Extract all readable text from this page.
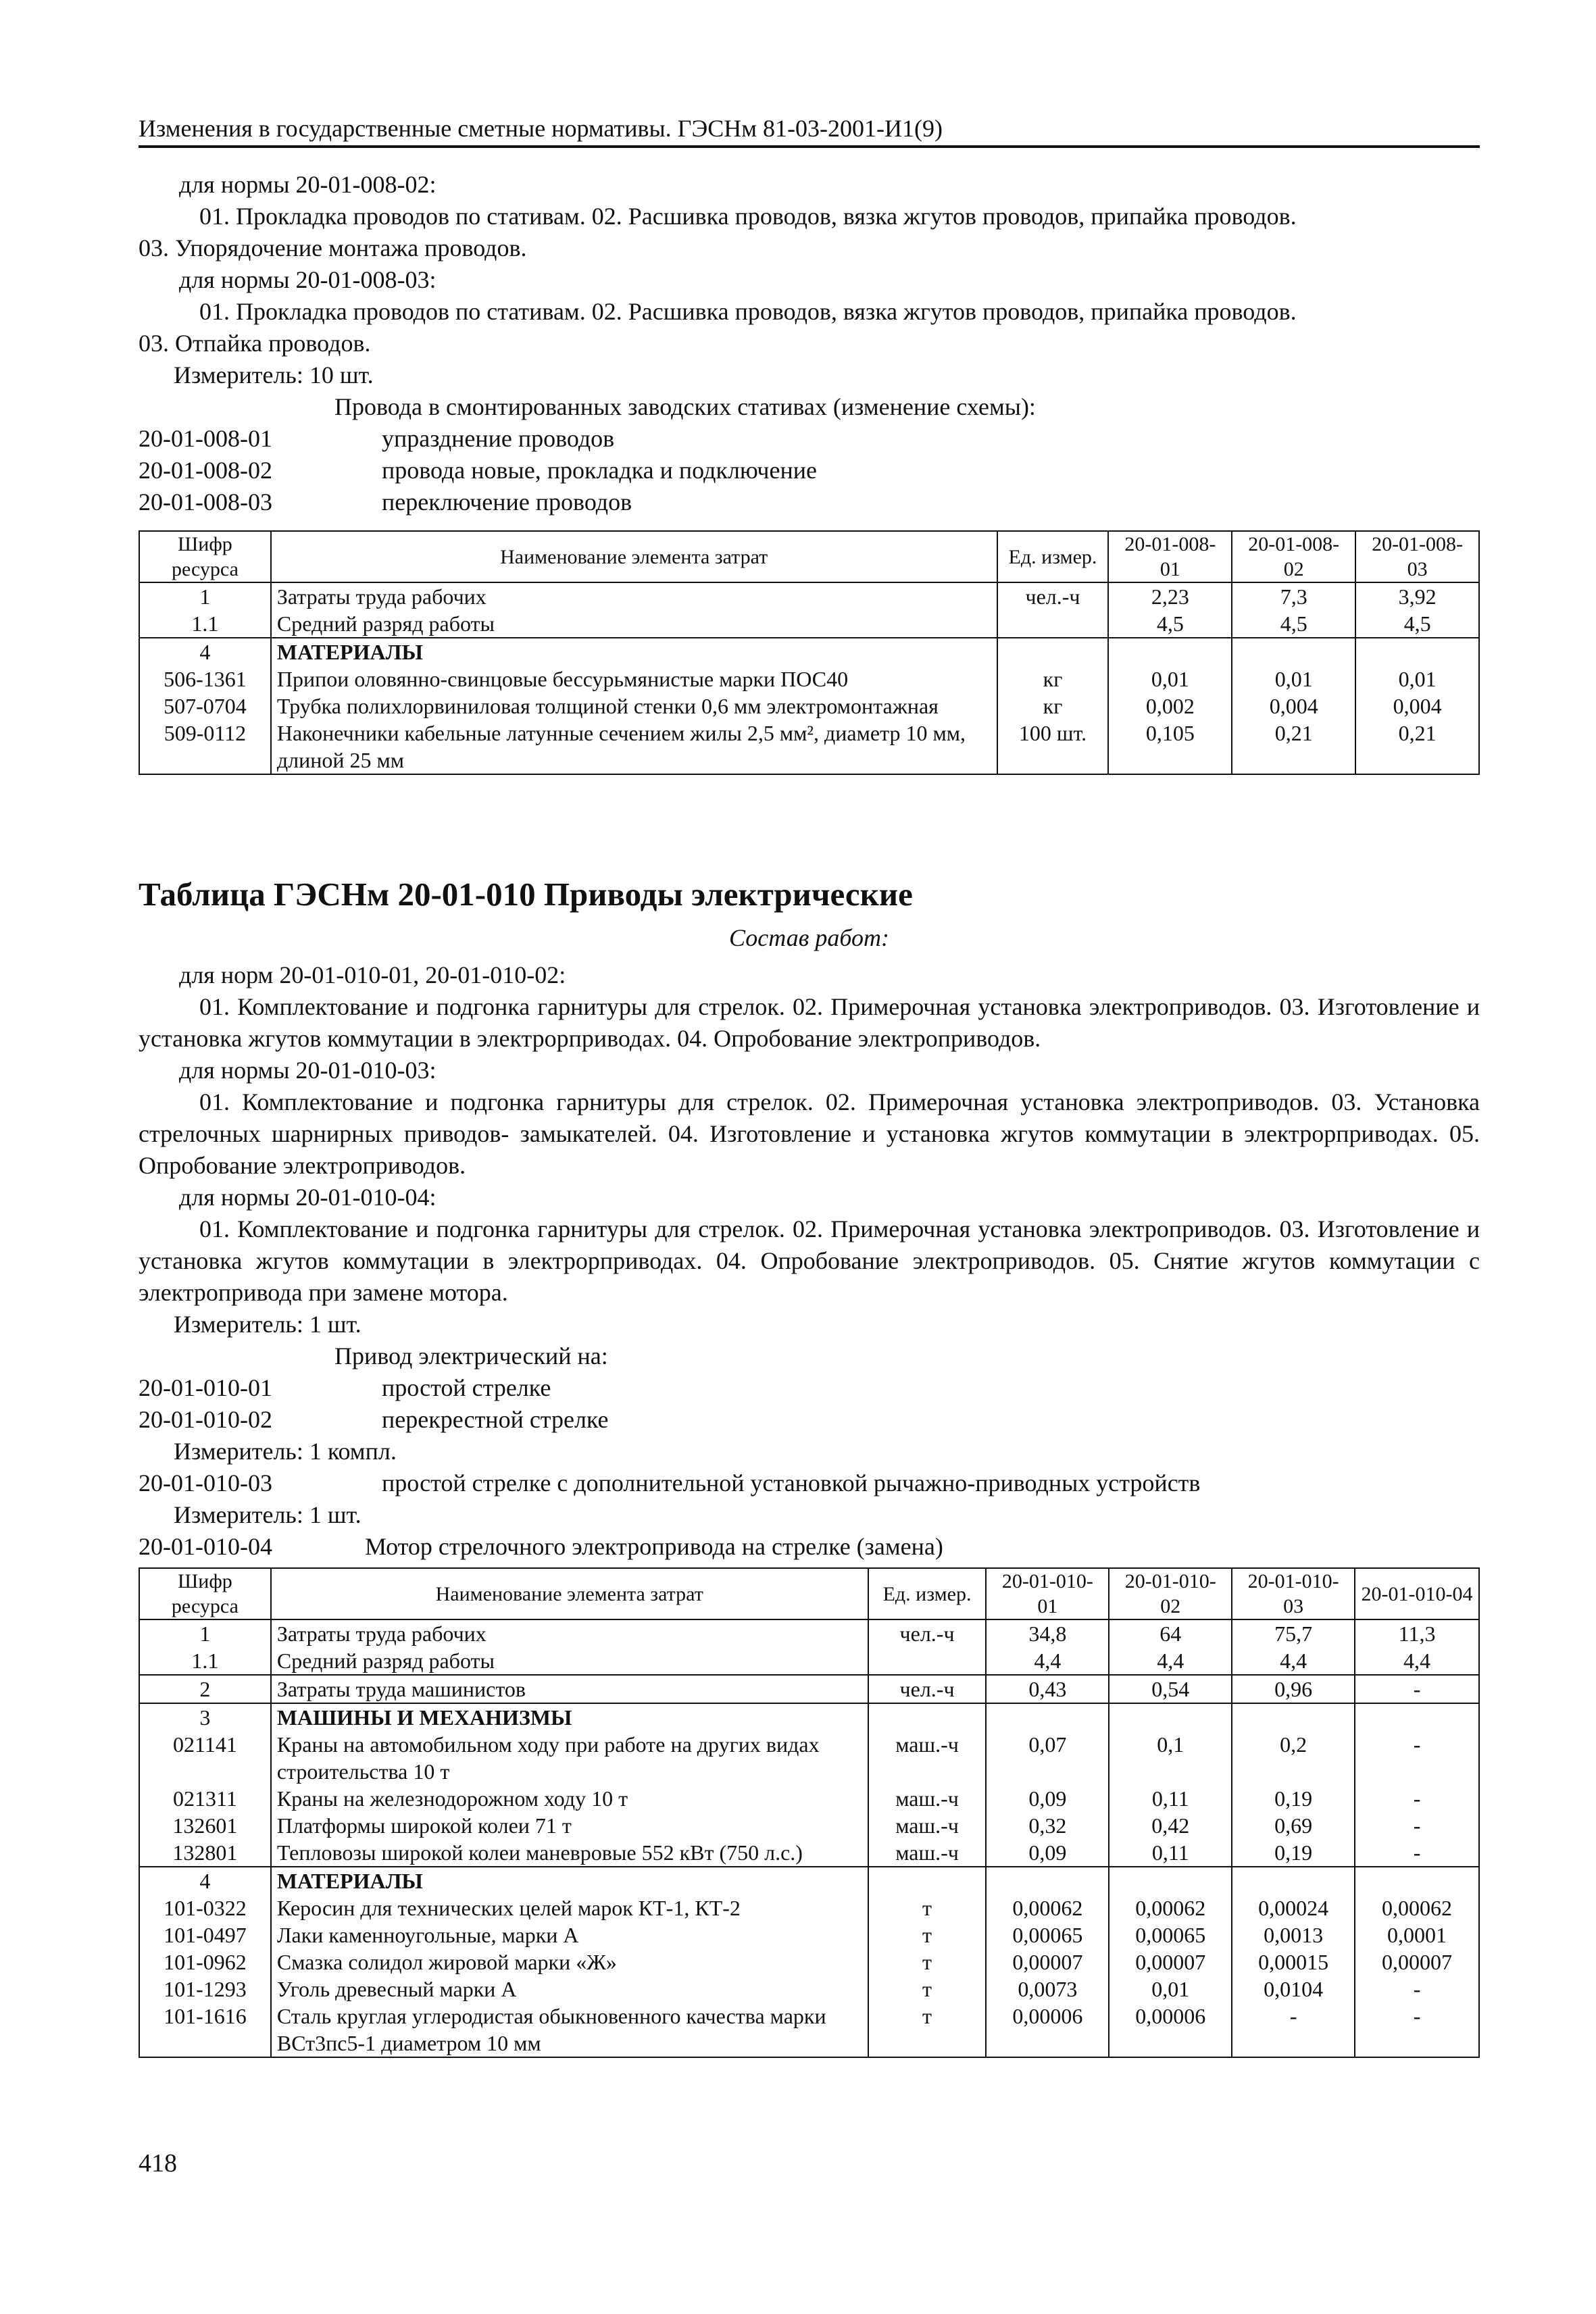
Изменения в государственные сметные нормативы. ГЭСНм 81-03-2001-И1(9)
для нормы 20-01-008-02:
01. Прокладка проводов по стативам. 02. Расшивка проводов, вязка жгутов проводов, припайка проводов.
03. Упорядочение монтажа проводов.
для нормы 20-01-008-03:
01. Прокладка проводов по стативам. 02. Расшивка проводов, вязка жгутов проводов, припайка проводов.
03. Отпайка проводов.
Измеритель: 10 шт.
Провода в смонтированных заводских стативах (изменение схемы):
20-01-008-01	упразднение проводов
20-01-008-02	провода новые, прокладка и подключение
20-01-008-03	переключение проводов
Шифр ресурса	Наименование элемента затрат	Ед. измер.	20-01-008-01	20-01-008-02	20-01-008-03
1	Затраты труда рабочих	чел.-ч	2,23	7,3	3,92
1.1	Средний разряд работы		4,5	4,5	4,5
4	МАТЕРИАЛЫ				
506-1361	Припои оловянно-свинцовые бессурьмянистые марки ПОС40	кг	0,01	0,01	0,01
507-0704	Трубка полихлорвиниловая толщиной стенки 0,6 мм электромонтажная	кг	0,002	0,004	0,004
509-0112	Наконечники кабельные латунные сечением жилы 2,5 мм², диаметр 10 мм, длиной 25 мм	100 шт.	0,105	0,21	0,21
Таблица ГЭСНм 20-01-010 Приводы электрические
Состав работ:
для норм 20-01-010-01, 20-01-010-02:
01. Комплектование и подгонка гарнитуры для стрелок. 02. Примерочная установка электроприводов. 03. Изготовление и установка жгутов коммутации в электрорприводах. 04. Опробование электроприводов.
для нормы 20-01-010-03:
01. Комплектование и подгонка гарнитуры для стрелок. 02. Примерочная установка электроприводов. 03. Установка стрелочных шарнирных приводов- замыкателей. 04. Изготовление и установка жгутов коммутации в электрорприводах. 05. Опробование электроприводов.
для нормы 20-01-010-04:
01. Комплектование и подгонка гарнитуры для стрелок. 02. Примерочная установка электроприводов. 03. Изготовление и установка жгутов коммутации в электрорприводах. 04. Опробование электроприводов. 05. Снятие жгутов коммутации с электропривода при замене мотора.
Измеритель: 1 шт.
Привод электрический на:
20-01-010-01	простой стрелке
20-01-010-02	перекрестной стрелке
Измеритель: 1 компл.
20-01-010-03	простой стрелке с дополнительной установкой рычажно-приводных устройств
Измеритель: 1 шт.
20-01-010-04	Мотор стрелочного электропривода на стрелке (замена)
Шифр ресурса	Наименование элемента затрат	Ед. измер.	20-01-010-01	20-01-010-02	20-01-010-03	20-01-010-04
1	Затраты труда рабочих	чел.-ч	34,8	64	75,7	11,3
1.1	Средний разряд работы		4,4	4,4	4,4	4,4
2	Затраты труда машинистов	чел.-ч	0,43	0,54	0,96	-
3	МАШИНЫ И МЕХАНИЗМЫ					
021141	Краны на автомобильном ходу при работе на других видах строительства 10 т	маш.-ч	0,07	0,1	0,2	-
021311	Краны на железнодорожном ходу 10 т	маш.-ч	0,09	0,11	0,19	-
132601	Платформы широкой колеи 71 т	маш.-ч	0,32	0,42	0,69	-
132801	Тепловозы широкой колеи маневровые 552 кВт (750 л.с.)	маш.-ч	0,09	0,11	0,19	-
4	МАТЕРИАЛЫ					
101-0322	Керосин для технических целей марок КТ-1, КТ-2	т	0,00062	0,00062	0,00024	0,00062
101-0497	Лаки каменноугольные, марки А	т	0,00065	0,00065	0,0013	0,0001
101-0962	Смазка солидол жировой марки «Ж»	т	0,00007	0,00007	0,00015	0,00007
101-1293	Уголь древесный марки А	т	0,0073	0,01	0,0104	-
101-1616	Сталь круглая углеродистая обыкновенного качества марки ВСт3пс5-1 диаметром 10 мм	т	0,00006	0,00006	-	-
418
